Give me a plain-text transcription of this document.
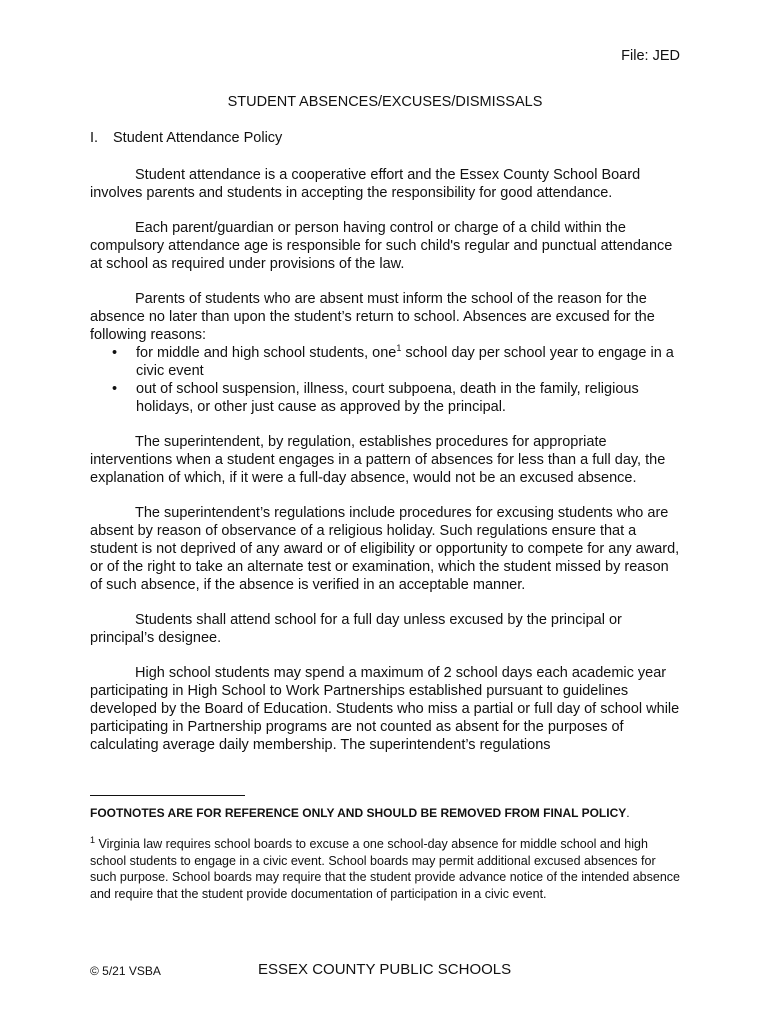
File: JED
STUDENT ABSENCES/EXCUSES/DISMISSALS
I. Student Attendance Policy

Student attendance is a cooperative effort and the Essex County School Board involves parents and students in accepting the responsibility for good attendance.

Each parent/guardian or person having control or charge of a child within the compulsory attendance age is responsible for such child's regular and punctual attendance at school as required under provisions of the law.

Parents of students who are absent must inform the school of the reason for the absence no later than upon the student’s return to school. Absences are excused for the following reasons:

• for middle and high school students, one$^1$ school day per school year to engage in a civic event
• out of school suspension, illness, court subpoena, death in the family, religious holidays, or other just cause as approved by the principal.

The superintendent, by regulation, establishes procedures for appropriate interventions when a student engages in a pattern of absences for less than a full day, the explanation of which, if it were a full-day absence, would not be an excused absence.

The superintendent’s regulations include procedures for excusing students who are absent by reason of observance of a religious holiday. Such regulations ensure that a student is not deprived of any award or of eligibility or opportunity to compete for any award, or of the right to take an alternate test or examination, which the student missed by reason of such absence, if the absence is verified in an acceptable manner.

Students shall attend school for a full day unless excused by the principal or principal’s designee.

High school students may spend a maximum of 2 school days each academic year participating in High School to Work Partnerships established pursuant to guidelines developed by the Board of Education. Students who miss a partial or full day of school while participating in Partnership programs are not counted as absent for the purposes of calculating average daily membership. The superintendent’s regulations

FOOTNOTES ARE FOR REFERENCE ONLY AND SHOULD BE REMOVED FROM FINAL POLICY.
$^1$ Virginia law requires school boards to excuse a one school-day absence for middle school and high school students to engage in a civic event. School boards may permit additional excused absences for such purpose. School boards may require that the student provide advance notice of the intended absence and require that the student provide documentation of participation in a civic event.
© 5/21 VSBA	ESSEX COUNTY PUBLIC SCHOOLS
